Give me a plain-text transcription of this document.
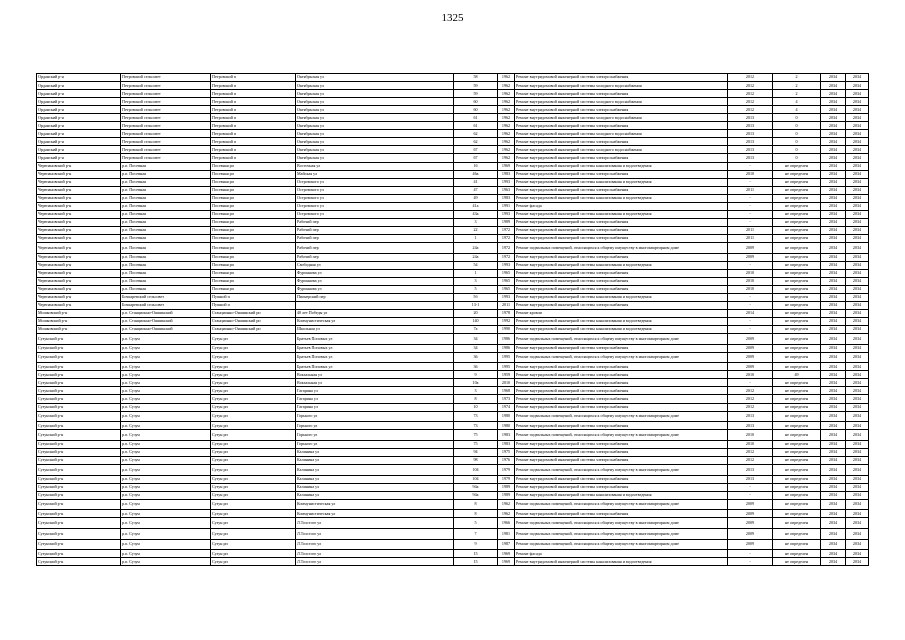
1325
Орданский р-н	Петровский сельсовет	Петровский п	Октябрьская ул	58	1962	Ремонт внутридомовой инженерной системы электроснабжения	2012	2	2034	2034
Орданский р-н	Петровский сельсовет	Петровский п	Октябрьская ул	59	1962	Ремонт внутридомовой инженерной системы холодного водоснабжения	2012	2	2034	2034
Орданский р-н	Петровский сельсовет	Петровский п	Октябрьская ул	59	1962	Ремонт внутридомовой инженерной системы электроснабжения	2012	2	2034	2034
Орданский р-н	Петровский сельсовет	Петровский п	Октябрьская ул	60	1962	Ремонт внутридомовой инженерной системы холодного водоснабжения	2012	4	2034	2034
Орданский р-н	Петровский сельсовет	Петровский п	Октябрьская ул	60	1962	Ремонт внутридомовой инженерной системы электроснабжения	2012	4	2034	2034
Орданский р-н	Петровский сельсовет	Петровский п	Октябрьская ул	61	1962	Ремонт внутридомовой инженерной системы холодного водоснабжения	2013	0	2034	2034
Орданский р-н	Петровский сельсовет	Петровский п	Октябрьская ул	61	1962	Ремонт внутридомовой инженерной системы электроснабжения	2013	0	2034	2034
Орданский р-н	Петровский сельсовет	Петровский п	Октябрьская ул	62	1962	Ремонт внутридомовой инженерной системы холодного водоснабжения	2013	0	2034	2034
Орданский р-н	Петровский сельсовет	Петровский п	Октябрьская ул	62	1962	Ремонт внутридомовой инженерной системы электроснабжения	2013	0	2034	2034
Орданский р-н	Петровский сельсовет	Петровский п	Октябрьская ул	67	1962	Ремонт внутридомовой инженерной системы холодного водоснабжения	2013	0	2034	2034
Орданский р-н	Петровский сельсовет	Петровский п	Октябрьская ул	67	1962	Ремонт внутридомовой инженерной системы электроснабжения	2013	0	2034	2034
Черепановский р-н	р.п. Посевная	Посевная рп	Восточная ул	16	1969	Ремонт внутридомовой инженерной системы канализования и водоотведения	-	не определен	2034	2034
Черепановский р-н	р.п. Посевная	Посевная рп	Майская ул	46а	1983	Ремонт внутридомовой инженерной системы электроснабжения	2010	не определен	2034	2034
Черепановский р-н	р.п. Посевная	Посевная рп	Островского ул	41	1993	Ремонт внутридомовой инженерной системы канализования и водоотведения	-	не определен	2034	2034
Черепановский р-н	р.п. Посевная	Посевная рп	Островского ул	47	1963	Ремонт внутридомовой инженерной системы электроснабжения	2011	не определен	2034	2034
Черепановский р-н	р.п. Посевная	Посевная рп	Островского ул	49	1983	Ремонт внутридомовой инженерной системы канализования и водоотведения	-	не определен	2034	2034
Черепановский р-н	р.п. Посевная	Посевная рп	Островского ул	41а	1991	Ремонт фасада	-	не определен	2034	2034
Черепановский р-н	р.п. Посевная	Посевная рп	Островского ул	43а	1993	Ремонт внутридомовой инженерной системы канализования и водоотведения	-	не определен	2034	2034
Черепановский р-н	р.п. Посевная	Посевная рп	Рабочий пер	3	1989	Ремонт внутридомовой инженерной системы электроснабжения	-	не определен	2034	2034
Черепановский р-н	р.п. Посевная	Посевная рп	Рабочий пер	22	1972	Ремонт внутридомовой инженерной системы электроснабжения	2011	не определен	2034	2034
Черепановский р-н	р.п. Посевная	Посевная рп	Рабочий пер	1	1972	Ремонт внутридомовой инженерной системы электроснабжения	2011	не определен	2034	2034
Черепановский р-н	р.п. Посевная	Посевная рп	Рабочий пер	24а	1972	Ремонт подвальных помещений, относящихся к общему имуществу в многоквартирном доме	2009	не определен	2034	2034
Черепановский р-н	р.п. Посевная	Посевная рп	Рабочий пер	24а	1972	Ремонт внутридомовой инженерной системы электроснабжения	2009	не определен	2034	2034
Черепановский р-н	р.п. Посевная	Посевная рп	Свободная ул	54	1993	Ремонт внутридомовой инженерной системы канализования и водоотведения	-	не определен	2034	2034
Черепановский р-н	р.п. Посевная	Посевная рп	Фурманова ул	1	1965	Ремонт внутридомовой инженерной системы электроснабжения	2010	не определен	2034	2034
Черепановский р-н	р.п. Посевная	Посевная рп	Фурманова ул	3	1965	Ремонт внутридомовой инженерной системы электроснабжения	2010	не определен	2034	2034
Черепановский р-н	р.п. Посевная	Посевная рп	Фурманова ул	5	1965	Ремонт внутридомовой инженерной системы электроснабжения	2010	не определен	2034	2034
Черепановский р-н	Бочкаревский сельсовет	Пушной п	Пионерский пер	5б	1993	Ремонт внутридомовой инженерной системы канализования и водоотведения	-	не определен	2034	2034
Черепановский р-н	Бочкаревский сельсовет	Пушной п		13-1	2011	Ремонт внутридомовой инженерной системы электроснабжения	-	не определен	2034	2034
Мошковский р-н	р.п. Станционно-Ояшинский	Станционно-Ояшинский рп	40 лет Победы ул	20	1978	Ремонт кровли	2014	не определен	2034	2034
Мошковский р-н	р.п. Станционно-Ояшинский	Станционно-Ояшинский рп	Коммунистическая ул	140	1992	Ремонт внутридомовой инженерной системы канализования и водоотведения	-	не определен	2034	2034
Мошковский р-н	р.п. Станционно-Ояшинский	Станционно-Ояшинский рп	Школьная ул	7а	1990	Ремонт внутридомовой инженерной системы канализования и водоотведения	-	не определен	2034	2034
Сузунский р-н	р.п. Сузун	Сузун рп	Братьев Поповых ул	34	1986	Ремонт подвальных помещений, относящихся к общему имуществу в многоквартирном доме	2009	не определен	2034	2034
Сузунский р-н	р.п. Сузун	Сузун рп	Братьев Поповых ул	34	1986	Ремонт внутридомовой инженерной системы электроснабжения	2009	не определен	2034	2034
Сузунский р-н	р.п. Сузун	Сузун рп	Братьев Поповых ул	36	1995	Ремонт подвальных помещений, относящихся к общему имуществу в многоквартирном доме	2009	не определен	2034	2034
Сузунский р-н	р.п. Сузун	Сузун рп	Братьев Поповых ул	36	1995	Ремонт внутридомовой инженерной системы электроснабжения	2009	не определен	2034	2034
Сузунский р-н	р.п. Сузун	Сузун рп	Вокзальная ул	9	1959	Ремонт внутридомовой инженерной системы электроснабжения	2010	49	2034	2034
Сузунский р-н	р.п. Сузун	Сузун рп	Вокзальная ул	10а	2010	Ремонт внутридомовой инженерной системы электроснабжения	-	не определен	2034	2034
Сузунский р-н	р.п. Сузун	Сузун рп	Гагарина ул	3	1968	Ремонт внутридомовой инженерной системы электроснабжения	2012	не определен	2034	2034
Сузунский р-н	р.п. Сузун	Сузун рп	Гагарина ул	8	1973	Ремонт внутридомовой инженерной системы электроснабжения	2012	не определен	2034	2034
Сузунский р-н	р.п. Сузун	Сузун рп	Гагарина ул	10	1974	Ремонт внутридомовой инженерной системы электроснабжения	2012	не определен	2034	2034
Сузунский р-н	р.п. Сузун	Сузун рп	Горького ул	73	1980	Ремонт подвальных помещений, относящихся к общему имуществу в многоквартирном доме	2013	не определен	2034	2034
Сузунский р-н	р.п. Сузун	Сузун рп	Горького ул	73	1980	Ремонт внутридомовой инженерной системы электроснабжения	2013	не определен	2034	2034
Сузунский р-н	р.п. Сузун	Сузун рп	Горького ул	75	1983	Ремонт подвальных помещений, относящихся к общему имуществу в многоквартирном доме	2010	не определен	2034	2034
Сузунский р-н	р.п. Сузун	Сузун рп	Горького ул	75	1983	Ремонт внутридомовой инженерной системы электроснабжения	2010	не определен	2034	2034
Сузунский р-н	р.п. Сузун	Сузун рп	Калинина ул	94	1975	Ремонт внутридомовой инженерной системы электроснабжения	2012	не определен	2034	2034
Сузунский р-н	р.п. Сузун	Сузун рп	Калинина ул	98	1976	Ремонт внутридомовой инженерной системы электроснабжения	2012	не определен	2034	2034
Сузунский р-н	р.п. Сузун	Сузун рп	Калинина ул	104	1979	Ремонт подвальных помещений, относящихся к общему имуществу в многоквартирном доме	2013	не определен	2034	2034
Сузунский р-н	р.п. Сузун	Сузун рп	Калинина ул	104	1979	Ремонт внутридомовой инженерной системы электроснабжения	2013	не определен	2034	2034
Сузунский р-н	р.п. Сузун	Сузун рп	Калинина ул	94а	1989	Ремонт внутридомовой инженерной системы электроснабжения	-	не определен	2034	2034
Сузунский р-н	р.п. Сузун	Сузун рп	Калинина ул	94а	1989	Ремонт внутридомовой инженерной системы канализования и водоотведения	-	не определен	2034	2034
Сузунский р-н	р.п. Сузун	Сузун рп	Коммунистическая ул	8	1962	Ремонт подвальных помещений, относящихся к общему имуществу в многоквартирном доме	2009	не определен	2034	2034
Сузунский р-н	р.п. Сузун	Сузун рп	Коммунистическая ул	8	1962	Ремонт внутридомовой инженерной системы электроснабжения	2009	не определен	2034	2034
Сузунский р-н	р.п. Сузун	Сузун рп	Л.Толстого ул	5	1966	Ремонт подвальных помещений, относящихся к общему имуществу в многоквартирном доме	2009	не определен	2034	2034
Сузунский р-н	р.п. Сузун	Сузун рп	Л.Толстого ул	7	1981	Ремонт подвальных помещений, относящихся к общему имуществу в многоквартирном доме	2009	не определен	2034	2034
Сузунский р-н	р.п. Сузун	Сузун рп	Л.Толстого ул	9	1987	Ремонт подвальных помещений, относящихся к общему имуществу в многоквартирном доме	2009	не определен	2034	2034
Сузунский р-н	р.п. Сузун	Сузун рп	Л.Толстого ул	15	1969	Ремонт фасада	-	не определен	2034	2034
Сузунский р-н	р.п. Сузун	Сузун рп	Л.Толстого ул	15	1969	Ремонт внутридомовой инженерной системы канализования и водоотведения	-	не определен	2034	2034
